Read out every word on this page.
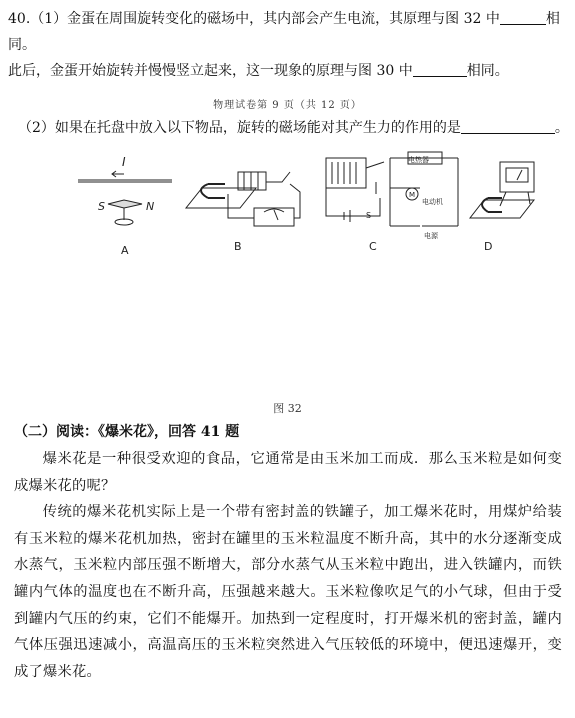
40.（1）金蛋在周围旋转变化的磁场中，其内部会产生电流，其原理与图 32 中	相同。
此后，金蛋开始旋转并慢慢竖立起来，这一现象的原理与图 30 中	相同。
物理试卷第 9 页（共 12 页）
（2）如果在托盘中放入以下物品，旋转的磁场能对其产生力的作用的是	。
I
S	N
电热器
M
电动机
电源
S
A	B	C	D
图 32
（二）阅读：《爆米花》，回答 41 题

爆米花是一种很受欢迎的食品，它通常是由玉米加工而成．那么玉米粒是如何变成爆米花的呢？

传统的爆米花机实际上是一个带有密封盖的铁罐子，加工爆米花时，用煤炉给装有玉米粒的爆米花机加热，密封在罐里的玉米粒温度不断升高，其中的水分逐渐变成水蒸气，玉米粒内部压强不断增大，部分水蒸气从玉米粒中跑出，进入铁罐内，而铁罐内气体的温度也在不断升高，压强越来越大。玉米粒像吹足气的小气球，但由于受到罐内气压的约束，它们不能爆开。加热到一定程度时，打开爆米机的密封盖，罐内气体压强迅速减小，高温高压的玉米粒突然进入气压较低的环境中，便迅速爆开，变成了爆米花。
